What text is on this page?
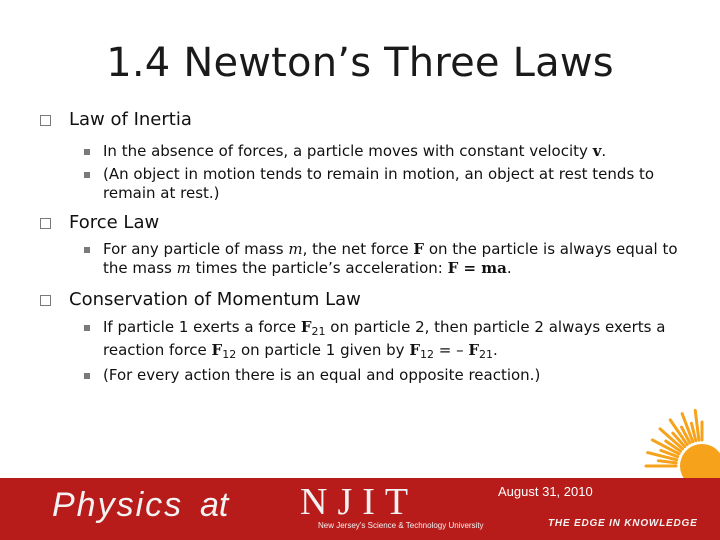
1.4 Newton’s Three Laws
Law of Inertia
In the absence of forces, a particle moves with constant velocity v.
(An object in motion tends to remain in motion, an object at rest tends to remain at rest.)
Force Law
For any particle of mass m, the net force F on the particle is always equal to the mass m times the particle’s acceleration: F = ma.
Conservation of Momentum Law
If particle 1 exerts a force $F_{21}$ on particle 2, then particle 2 always exerts a reaction force $F_{12}$ on particle 1 given by $F_{12}$ = – $F_{21}$.
(For every action there is an equal and opposite reaction.)
August 31, 2010
Physics at NJIT
New Jersey’s Science & Technology University	THE EDGE IN KNOWLEDGE
